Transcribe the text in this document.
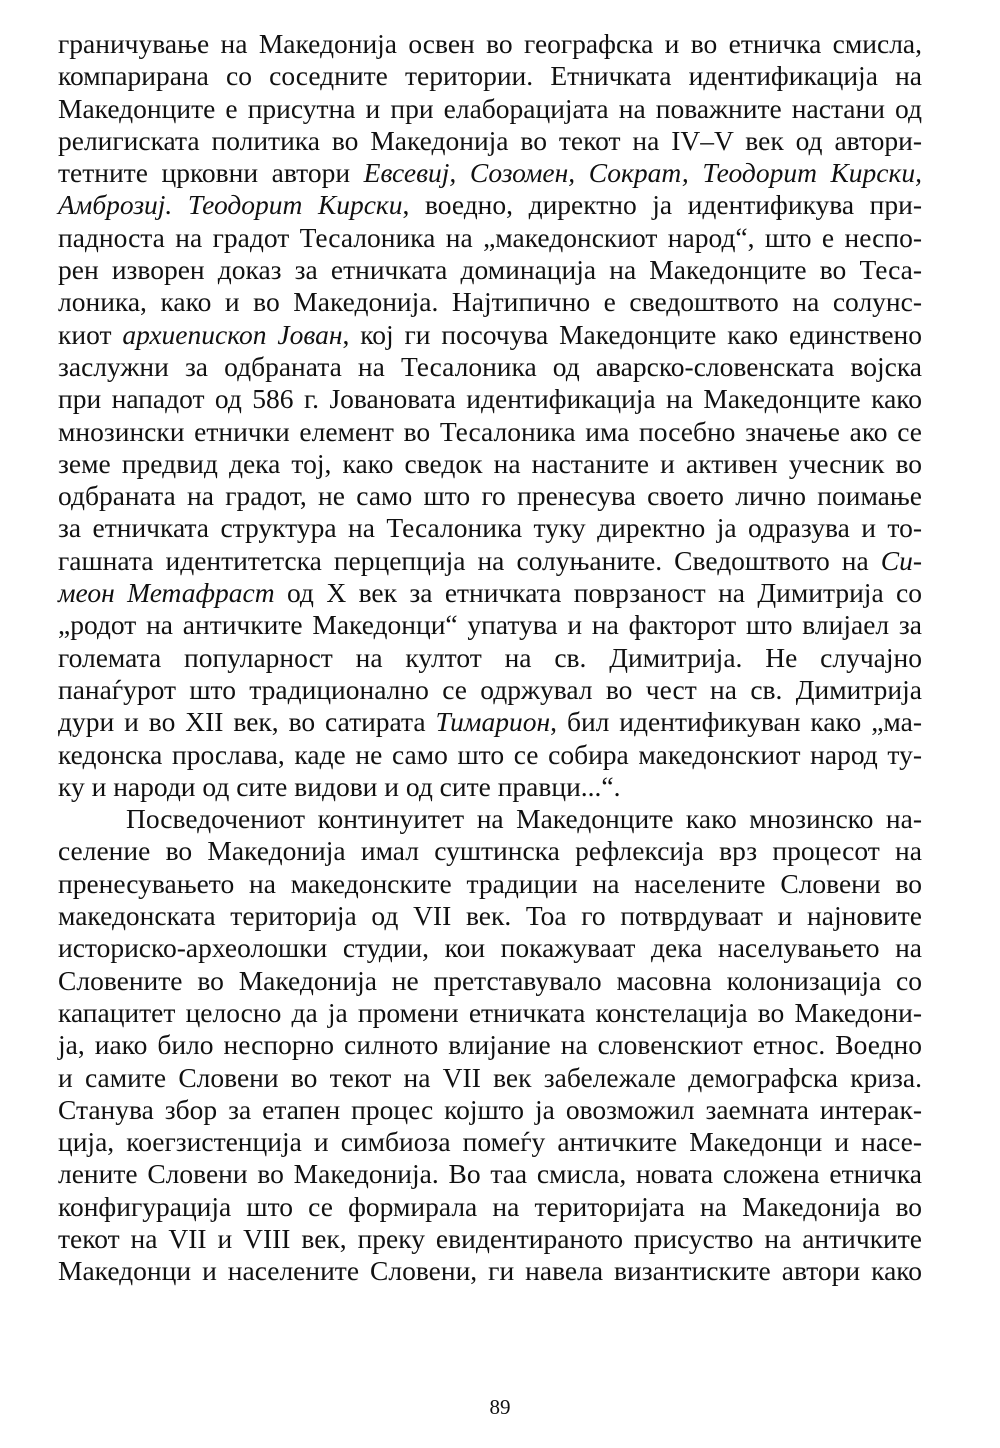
граничување на Македонија освен во географска и во етничка смисла,
компарирана со соседните територии. Етничката идентификација на
Македонците е присутна и при елаборацијата на поважните настани од
религиската политика во Македонија во текот на IV–V век од автори-
тетните црковни автори Евсевиј, Созомен, Сократ, Теодорит Кирски,
Амброзиј. Теодорит Кирски, воедно, директно ја идентификува при-
падноста на градот Тесалоника на „македонскиот народ“, што е неспо-
рен изворен доказ за етничката доминација на Македонците во Теса-
лоника, како и во Македонија. Најтипично е сведоштвото на солунс-
киот архиепископ Јован, кој ги посочува Македонците како единствено
заслужни за одбраната на Тесалоника од аварско-словенската војска
при нападот од 586 г. Јовановата идентификација на Македонците како
мнозински етнички елемент во Тесалоника има посебно значење ако се
земе предвид дека тој, како сведок на настаните и активен учесник во
одбраната на градот, не само што го пренесува своето лично поимање
за етничката структура на Тесалоника туку директно ја одразува и то-
гашната идентитетска перцепција на солуњаните. Сведоштвото на Си-
меон Метафраст од X век за етничката поврзаност на Димитрија со
„родот на античките Македонци“ упатува и на факторот што влијаел за
големата популарност на култот на св. Димитрија. Не случајно
панаѓурот што традиционално се одржувал во чест на св. Димитрија
дури и во XII век, во сатирата Тимарион, бил идентификуван како „ма-
кедонска прослава, каде не само што се собира македонскиот народ ту-
ку и народи од сите видови и од сите правци...“.
Посведочениот континуитет на Македонците како мнозинско на-
селение во Македонија имал суштинска рефлексија врз процесот на
пренесувањето на македонските традиции на населените Словени во
македонската територија од VII век. Тоа го потврдуваат и најновите
историско-археолошки студии, кои покажуваат дека населувањето на
Словените во Македонија не претставувало масовна колонизација со
капацитет целосно да ја промени етничката констелација во Македони-
ја, иако било неспорно силното влијание на словенскиот етнос. Воедно
и самите Словени во текот на VII век забележале демографска криза.
Станува збор за етапен процес којшто ја овозможил заемната интерак-
ција, коегзистенција и симбиоза помеѓу античките Македонци и насе-
лените Словени во Македонија. Во таа смисла, новата сложена етничка
конфигурација што се формирала на територијата на Македонија во
текот на VII и VIII век, преку евидентираното присуство на античките
Македонци и населените Словени, ги навела византиските автори како
89
